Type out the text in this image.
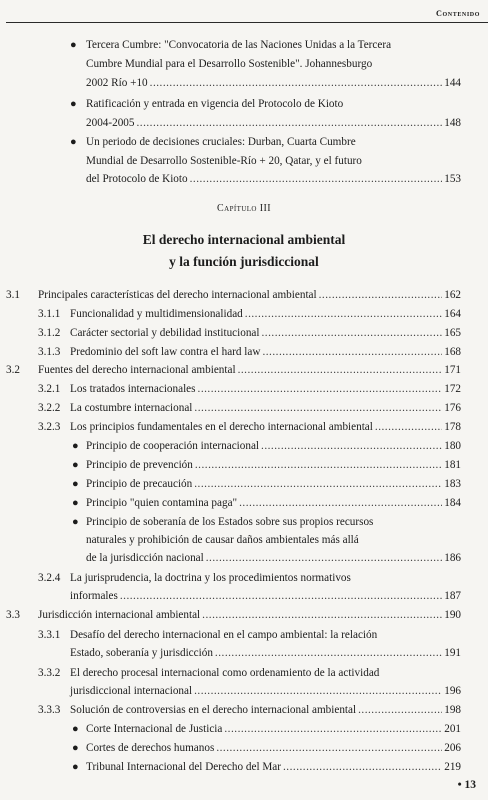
Contenido
● Tercera Cumbre: "Convocatoria de las Naciones Unidas a la Tercera
Cumbre Mundial para el Desarrollo Sostenible". Johannesburgo
2002 Río +10 .....	144
● Ratificación y entrada en vigencia del Protocolo de Kioto
2004-2005 .....	148
● Un periodo de decisiones cruciales: Durban, Cuarta Cumbre
Mundial de Desarrollo Sostenible-Río + 20, Qatar, y el futuro
del Protocolo de Kioto .....	153
Capítulo III
El derecho internacional ambiental
y la función jurisdiccional
3.1 Principales características del derecho internacional ambiental .....	162
3.1.1 Funcionalidad y multidimensionalidad .....	164
3.1.2 Carácter sectorial y debilidad institucional .....	165
3.1.3 Predominio del soft law contra el hard law .....	168
3.2 Fuentes del derecho internacional ambiental .....	171
3.2.1 Los tratados internacionales .....	172
3.2.2 La costumbre internacional .....	176
3.2.3 Los principios fundamentales en el derecho internacional ambiental .....	178
● Principio de cooperación internacional .....	180
● Principio de prevención .....	181
● Principio de precaución .....	183
● Principio "quien contamina paga" .....	184
● Principio de soberanía de los Estados sobre sus propios recursos
naturales y prohibición de causar daños ambientales más allá
de la jurisdicción nacional .....	186
3.2.4 La jurisprudencia, la doctrina y los procedimientos normativos
informales .....	187
3.3 Jurisdicción internacional ambiental .....	190
3.3.1 Desafío del derecho internacional en el campo ambiental: la relación
Estado, soberanía y jurisdicción .....	191
3.3.2 El derecho procesal internacional como ordenamiento de la actividad
jurisdiccional internacional .....	196
3.3.3 Solución de controversias en el derecho internacional ambiental .....	198
● Corte Internacional de Justicia .....	201
● Cortes de derechos humanos .....	206
● Tribunal Internacional del Derecho del Mar .....	219
• 13
